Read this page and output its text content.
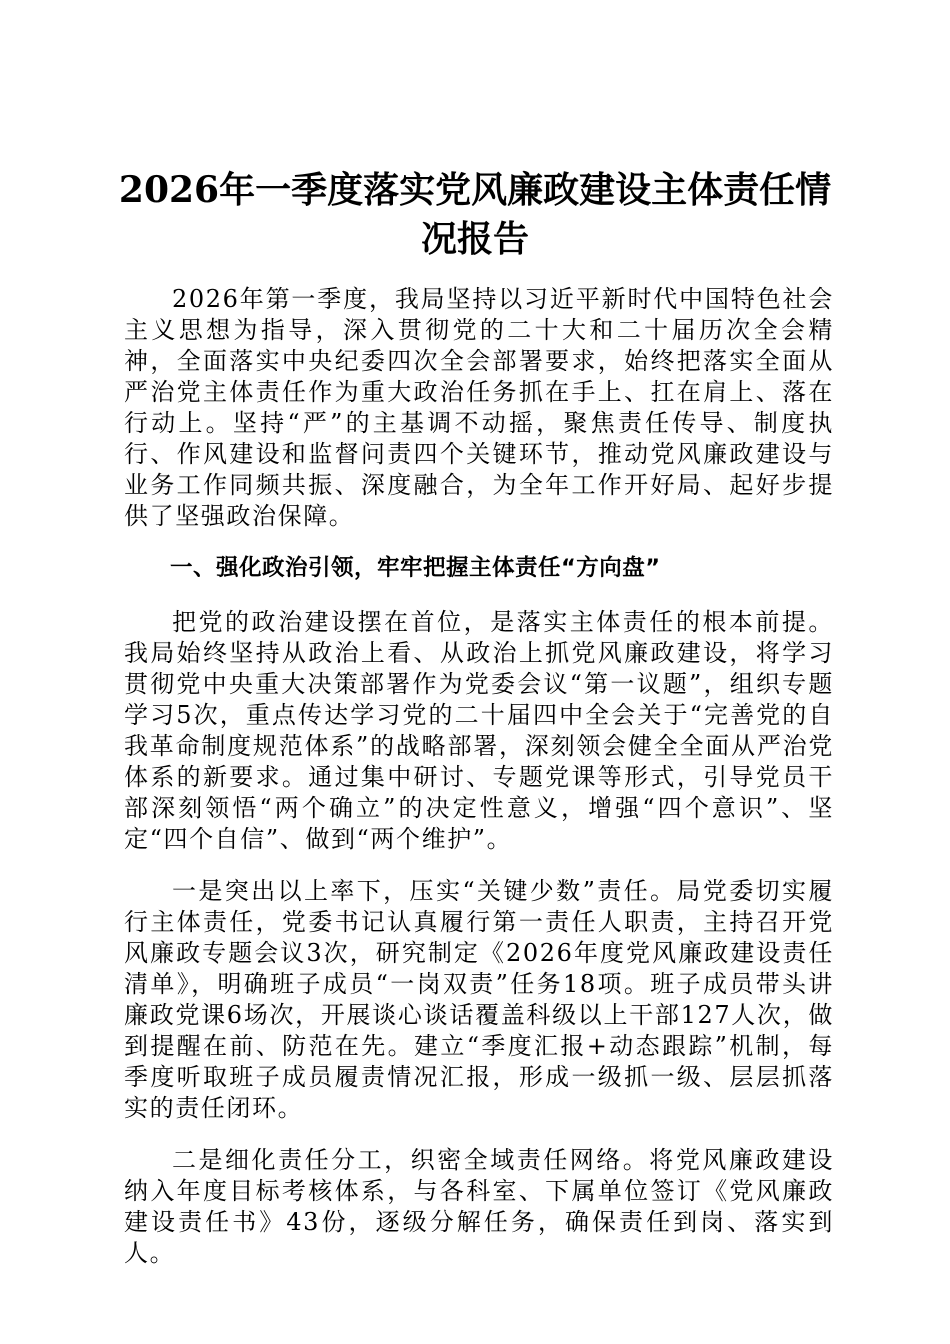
2026年一季度落实党风廉政建设主体责任情况报告

2026年第一季度，我局坚持以习近平新时代中国特色社会主义思想为指导，深入贯彻党的二十大和二十届历次全会精神，全面落实中央纪委四次全会部署要求，始终把落实全面从严治党主体责任作为重大政治任务抓在手上、扛在肩上、落在行动上。坚持“严”的主基调不动摇，聚焦责任传导、制度执行、作风建设和监督问责四个关键环节，推动党风廉政建设与业务工作同频共振、深度融合，为全年工作开好局、起好步提供了坚强政治保障。

一、强化政治引领，牢牢把握主体责任“方向盘”

把党的政治建设摆在首位，是落实主体责任的根本前提。我局始终坚持从政治上看、从政治上抓党风廉政建设，将学习贯彻党中央重大决策部署作为党委会议“第一议题”，组织专题学习5次，重点传达学习党的二十届四中全会关于“完善党的自我革命制度规范体系”的战略部署，深刻领会健全全面从严治党体系的新要求。通过集中研讨、专题党课等形式，引导党员干部深刻领悟“两个确立”的决定性意义，增强“四个意识”、坚定“四个自信”、做到“两个维护”。

一是突出以上率下，压实“关键少数”责任。局党委切实履行主体责任，党委书记认真履行第一责任人职责，主持召开党风廉政专题会议3次，研究制定《2026年度党风廉政建设责任清单》，明确班子成员“一岗双责”任务18项。班子成员带头讲廉政党课6场次，开展谈心谈话覆盖科级以上干部127人次，做到提醒在前、防范在先。建立“季度汇报+动态跟踪”机制，每季度听取班子成员履责情况汇报，形成一级抓一级、层层抓落实的责任闭环。

二是细化责任分工，织密全域责任网络。将党风廉政建设纳入年度目标考核体系，与各科室、下属单位签订《党风廉政建设责任书》43份，逐级分解任务，确保责任到岗、落实到人。
